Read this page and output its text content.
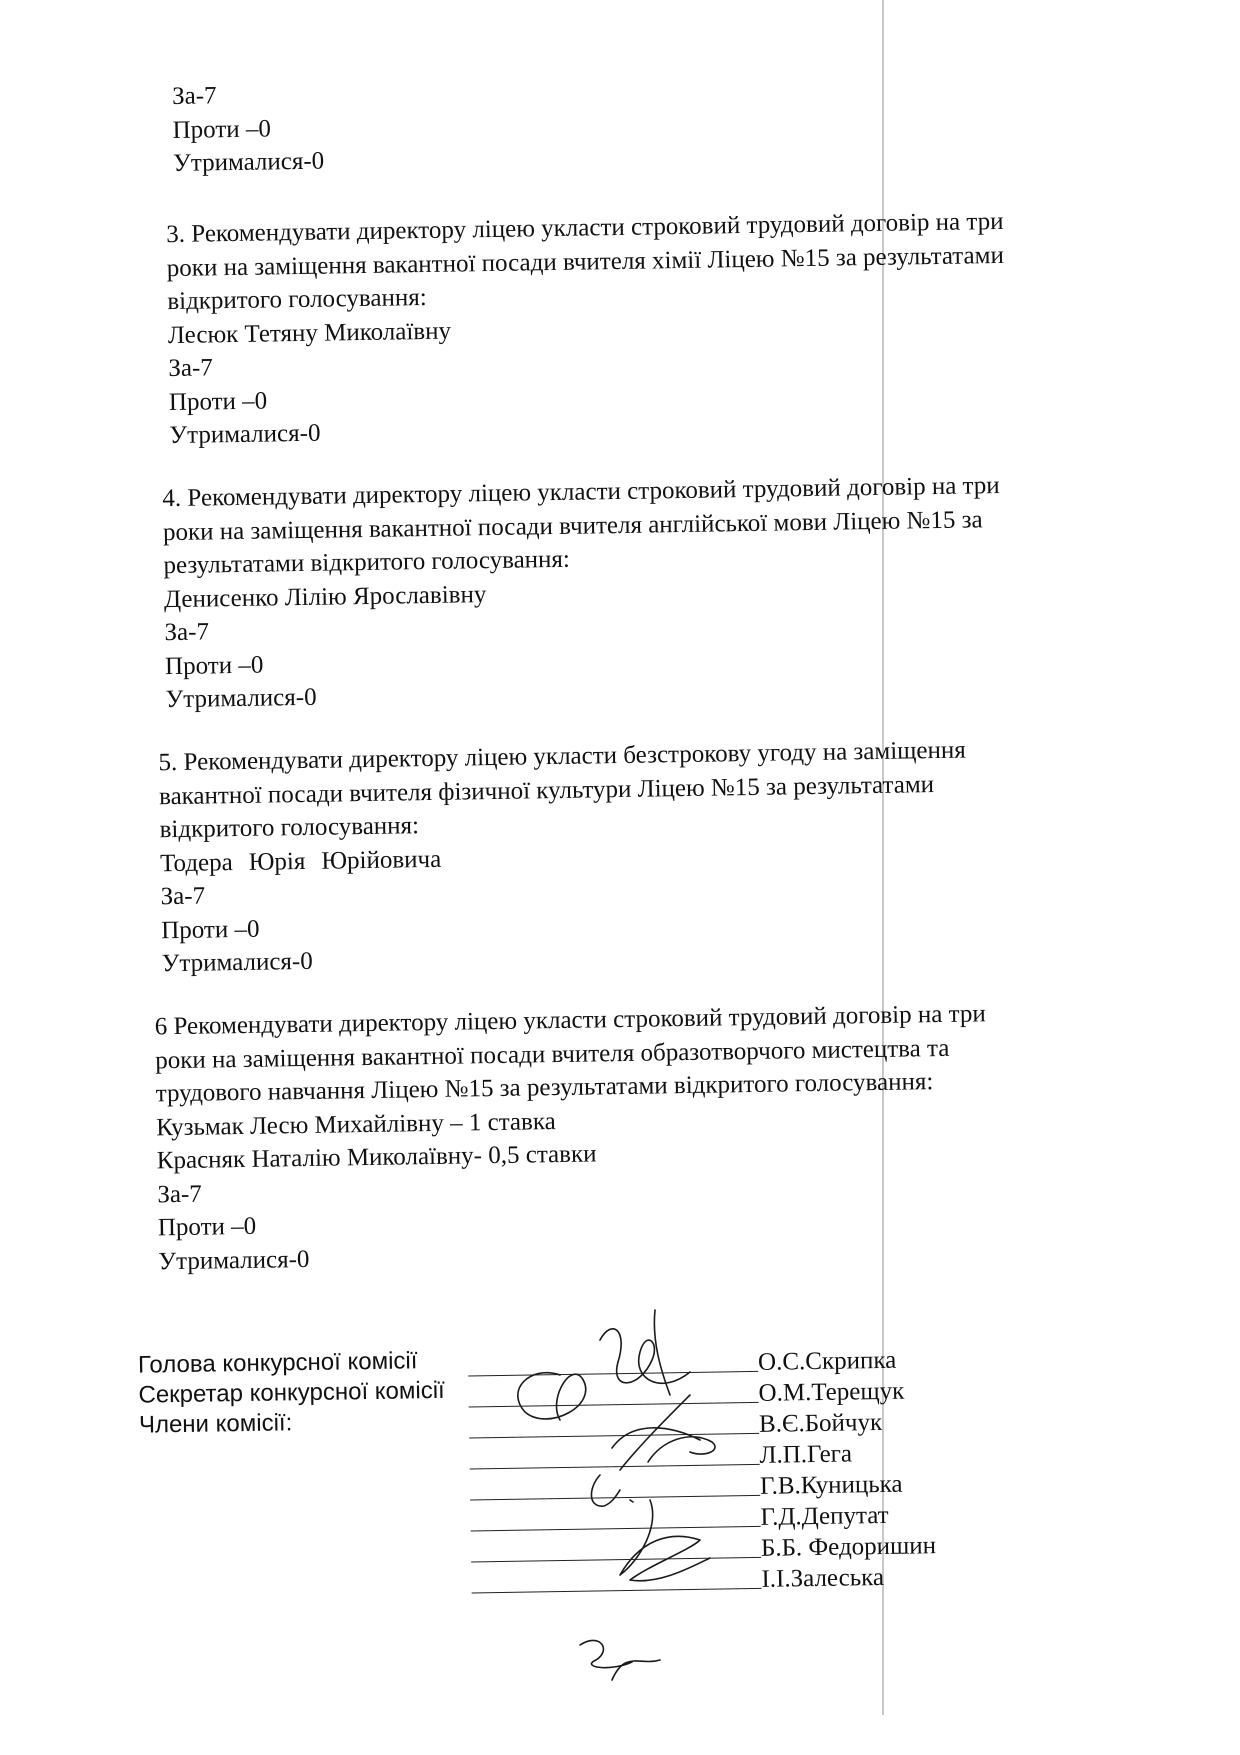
За-7
Проти –0
Утрималися-0
3. Рекомендувати директору ліцею укласти строковий трудовий договір на три
роки на заміщення вакантної посади вчителя хімії Ліцею №15 за результатами
відкритого голосування:
Лесюк Тетяну Миколаївну
За-7
Проти –0
Утрималися-0
4. Рекомендувати директору ліцею укласти строковий трудовий договір на три
роки на заміщення вакантної посади вчителя англійської мови Ліцею №15 за
результатами відкритого голосування:
Денисенко Лілію Ярославівну
За-7
Проти –0
Утрималися-0
5. Рекомендувати директору ліцею укласти безстрокову угоду на заміщення
вакантної посади вчителя фізичної культури Ліцею №15 за результатами
відкритого голосування:
Тодера Юрія Юрійовича
За-7
Проти –0
Утрималися-0
6 Рекомендувати директору ліцею укласти строковий трудовий договір на три
роки на заміщення вакантної посади вчителя образотворчого мистецтва та
трудового навчання Ліцею №15 за результатами відкритого голосування:
Кузьмак Лесю Михайлівну – 1 ставка
Красняк Наталію Миколаївну- 0,5 ставки
За-7
Проти –0
Утрималися-0
Голова конкурсної комісії
Секретар конкурсної комісії
Члени комісії:
О.С.Скрипка
О.М.Терещук
В.Є.Бойчук
Л.П.Гега
Г.В.Куницька
Г.Д.Депутат
Б.Б. Федоришин
І.І.Залеська
